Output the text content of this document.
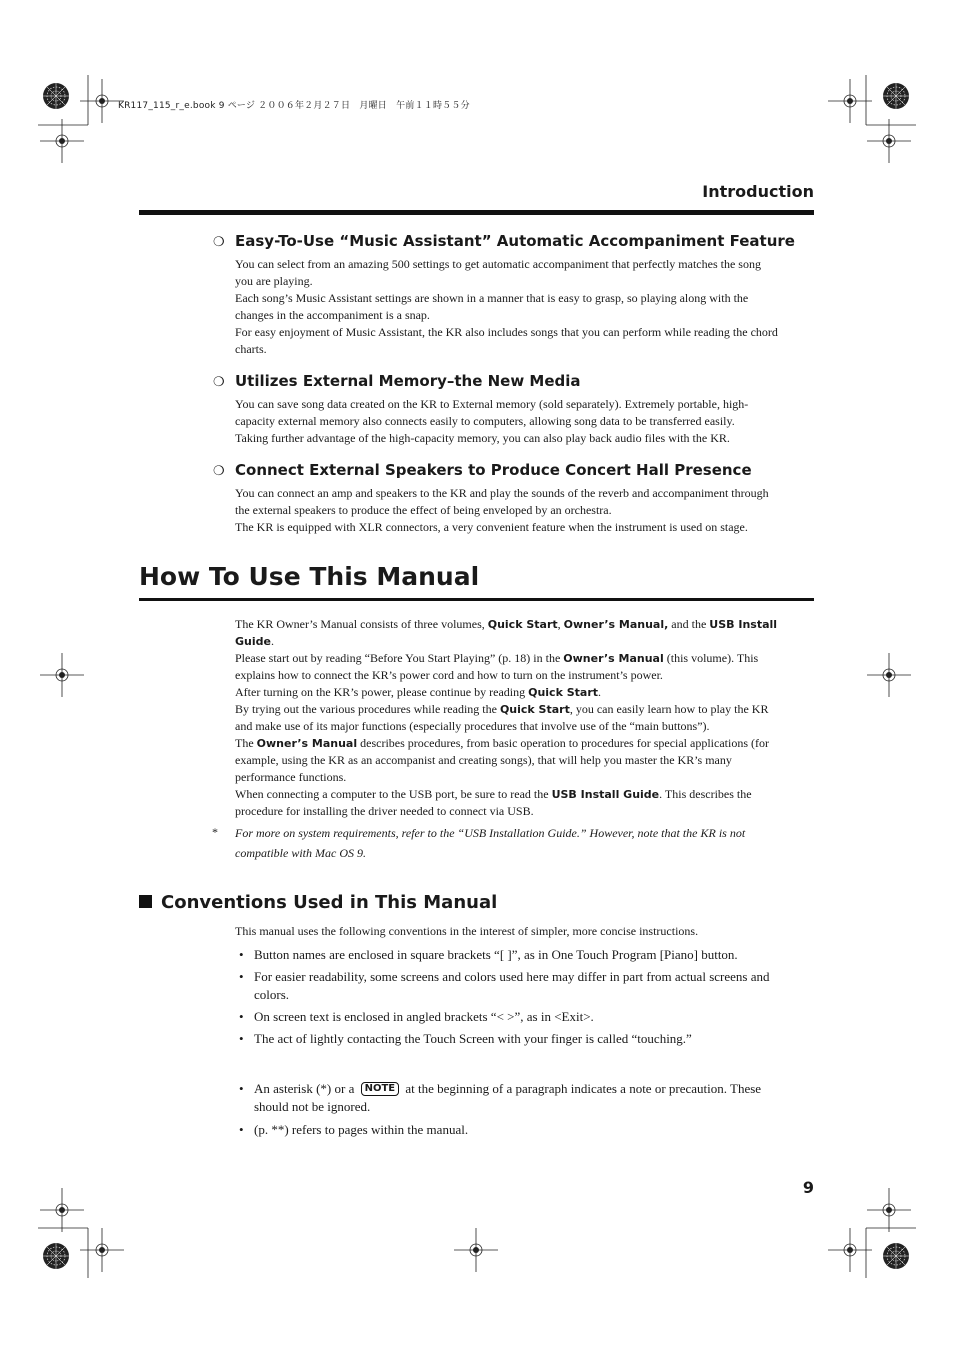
KR117_115_r_e.book 9 ページ ２００６年２月２７日　月曜日　午前１１時５５分
Introduction
❍ Easy-To-Use “Music Assistant” Automatic Accompaniment Feature

You can select from an amazing 500 settings to get automatic accompaniment that perfectly matches the song you are playing.

Each song’s Music Assistant settings are shown in a manner that is easy to grasp, so playing along with the changes in the accompaniment is a snap.

For easy enjoyment of Music Assistant, the KR also includes songs that you can perform while reading the chord charts.

❍ Utilizes External Memory–the New Media

You can save song data created on the KR to External memory (sold separately). Extremely portable, high-capacity external memory also connects easily to computers, allowing song data to be transferred easily.

Taking further advantage of the high-capacity memory, you can also play back audio files with the KR.

❍ Connect External Speakers to Produce Concert Hall Presence

You can connect an amp and speakers to the KR and play the sounds of the reverb and accompaniment through the external speakers to produce the effect of being enveloped by an orchestra.

The KR is equipped with XLR connectors, a very convenient feature when the instrument is used on stage.

How To Use This Manual

The KR Owner’s Manual consists of three volumes, Quick Start, Owner’s Manual, and the USB Install Guide.

Please start out by reading “Before You Start Playing” (p. 18) in the Owner’s Manual (this volume). This explains how to connect the KR’s power cord and how to turn on the instrument’s power.

After turning on the KR’s power, please continue by reading Quick Start.

By trying out the various procedures while reading the Quick Start, you can easily learn how to play the KR and make use of its major functions (especially procedures that involve use of the “main buttons”).

The Owner’s Manual describes procedures, from basic operation to procedures for special applications (for example, using the KR as an accompanist and creating songs), that will help you master the KR’s many performance functions.

When connecting a computer to the USB port, be sure to read the USB Install Guide. This describes the procedure for installing the driver needed to connect via USB.

* For more on system requirements, refer to the “USB Installation Guide.” However, note that the KR is not compatible with Mac OS 9.
Conventions Used in This Manual
This manual uses the following conventions in the interest of simpler, more concise instructions.
• Button names are enclosed in square brackets “[ ]”, as in One Touch Program [Piano] button.
• For easier readability, some screens and colors used here may differ in part from actual screens and colors.
• On screen text is enclosed in angled brackets “< >”, as in <Exit>.
• The act of lightly contacting the Touch Screen with your finger is called “touching.”
• An asterisk (*) or a NOTE at the beginning of a paragraph indicates a note or precaution. These should not be ignored.
• (p. **) refers to pages within the manual.
9
